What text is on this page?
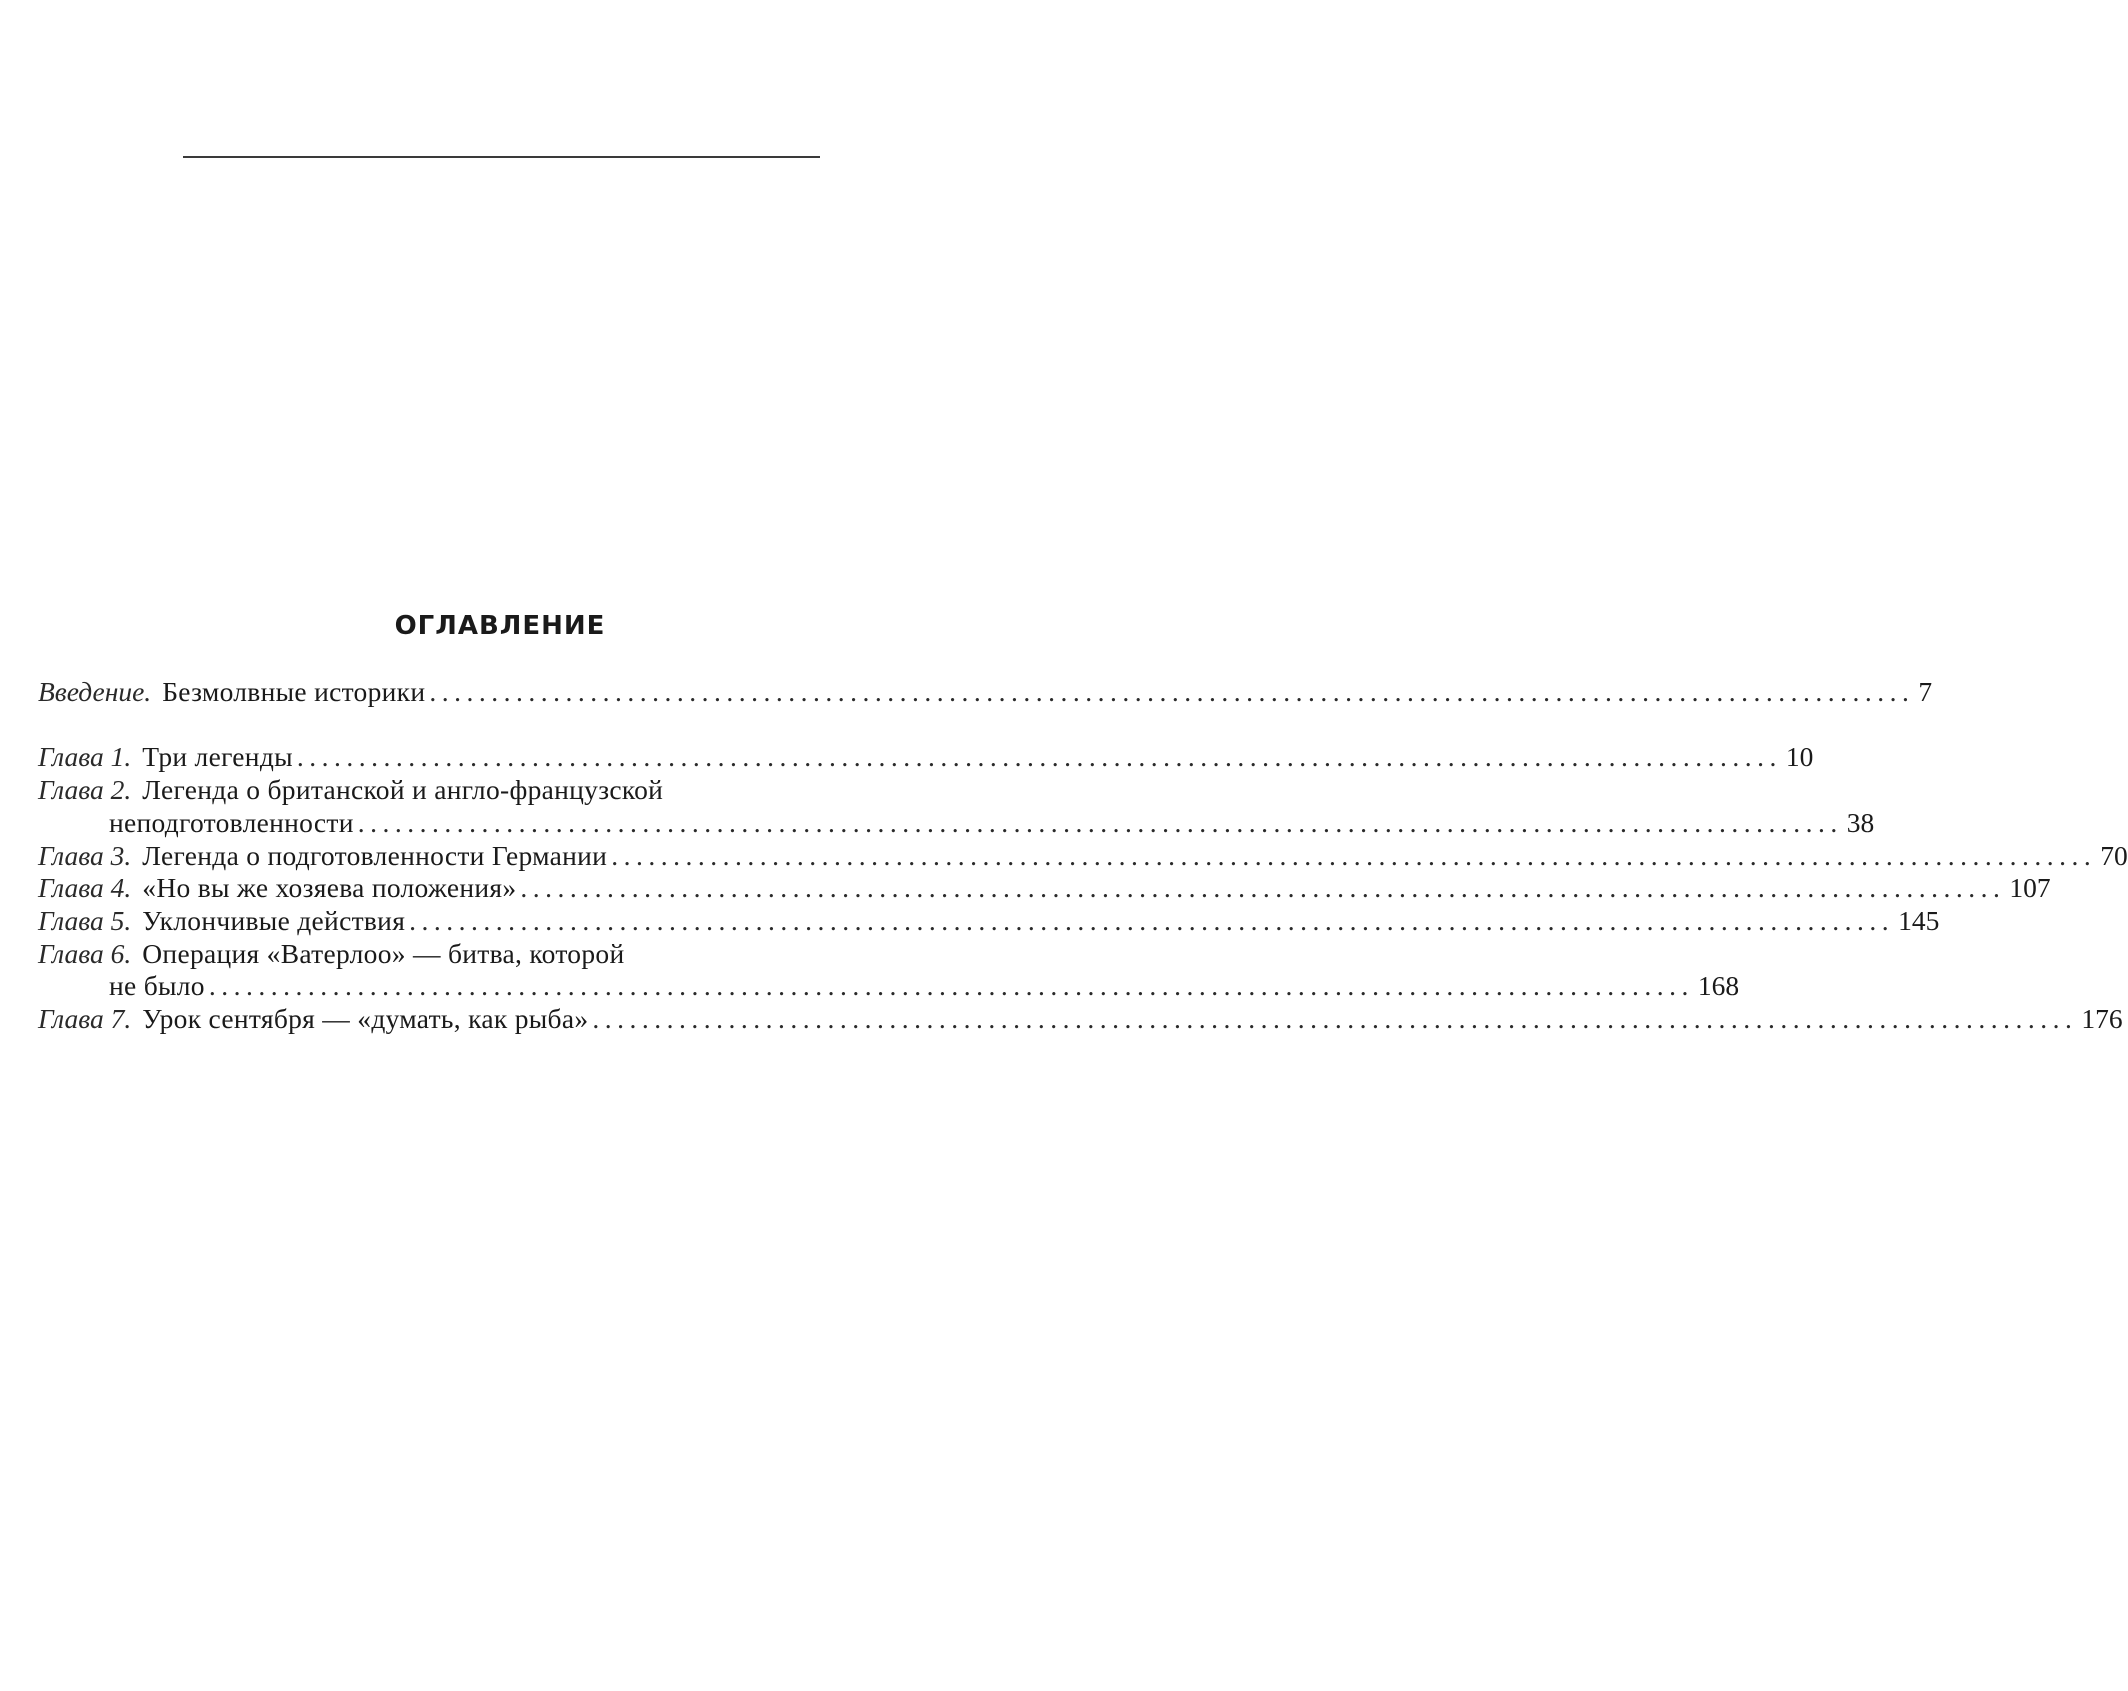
ОГЛАВЛЕНИЕ
Введение. Безмолвные историки ........................................................................................................................ 7
Глава 1. Три легенды ........................................................................................................................ 10
Глава 2. Легенда о британской и англо-французской
неподготовленности ........................................................................................................................ 38
Глава 3. Легенда о подготовленности Германии ........................................................................................................................ 70
Глава 4. «Но вы же хозяева положения» ........................................................................................................................ 107
Глава 5. Уклончивые действия ........................................................................................................................ 145
Глава 6. Операция «Ватерлоо» — битва, которой
не было ........................................................................................................................ 168
Глава 7. Урок сентября — «думать, как рыба» ........................................................................................................................ 176
